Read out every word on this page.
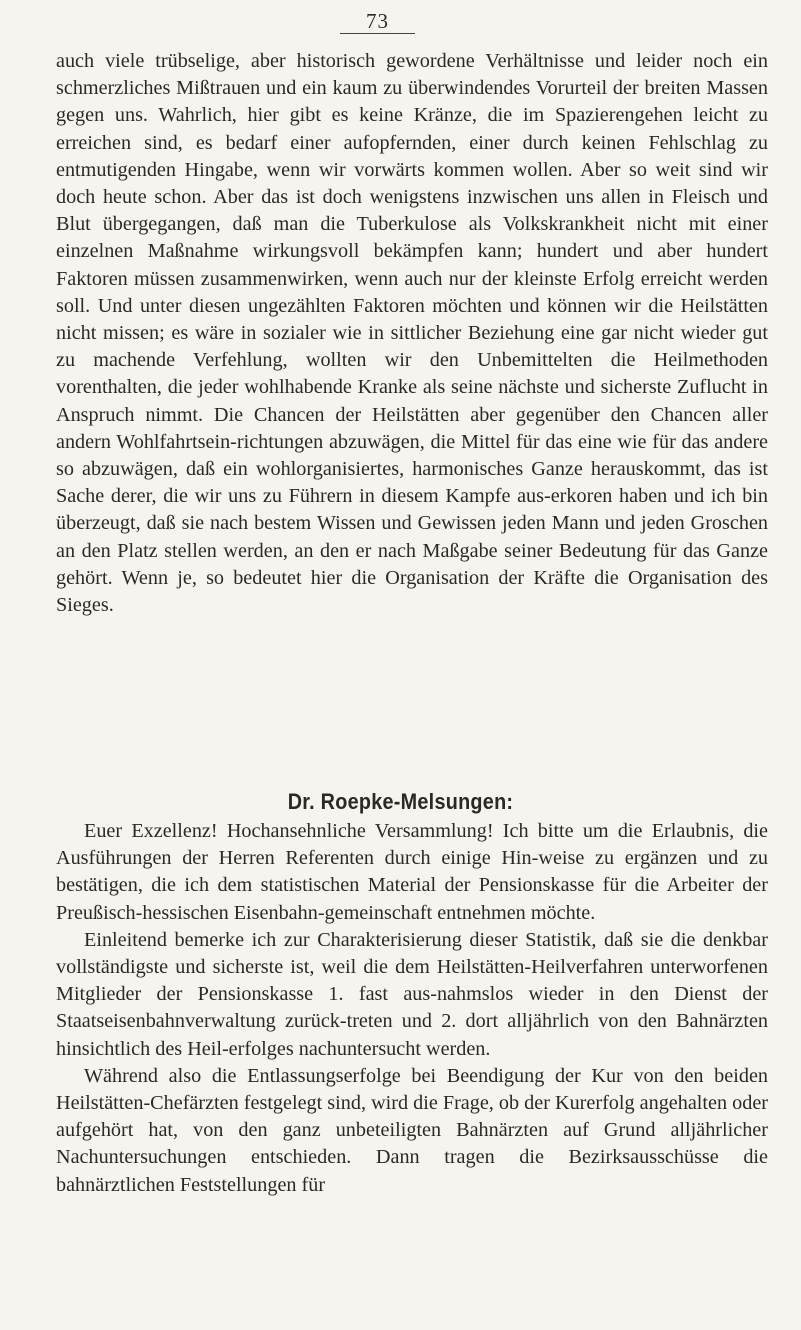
73

auch viele trübselige, aber historisch gewordene Verhältnisse und leider noch ein schmerzliches Mißtrauen und ein kaum zu überwindendes Vorurteil der breiten Massen gegen uns. Wahrlich, hier gibt es keine Kränze, die im Spazierengehen leicht zu erreichen sind, es bedarf einer aufopfernden, einer durch keinen Fehlschlag zu entmutigenden Hingabe, wenn wir vorwärts kommen wollen. Aber so weit sind wir doch heute schon. Aber das ist doch wenigstens inzwischen uns allen in Fleisch und Blut übergegangen, daß man die Tuberkulose als Volkskrankheit nicht mit einer einzelnen Maßnahme wirkungsvoll bekämpfen kann; hundert und aber hundert Faktoren müssen zusammenwirken, wenn auch nur der kleinste Erfolg erreicht werden soll. Und unter diesen ungezählten Faktoren möchten und können wir die Heilstätten nicht missen; es wäre in sozialer wie in sittlicher Beziehung eine gar nicht wieder gut zu machende Verfehlung, wollten wir den Unbemittelten die Heilmethoden vorenthalten, die jeder wohlhabende Kranke als seine nächste und sicherste Zuflucht in Anspruch nimmt. Die Chancen der Heilstätten aber gegenüber den Chancen aller andern Wohlfahrtsein-richtungen abzuwägen, die Mittel für das eine wie für das andere so abzuwägen, daß ein wohlorganisiertes, harmonisches Ganze herauskommt, das ist Sache derer, die wir uns zu Führern in diesem Kampfe aus-erkoren haben und ich bin überzeugt, daß sie nach bestem Wissen und Gewissen jeden Mann und jeden Groschen an den Platz stellen werden, an den er nach Maßgabe seiner Bedeutung für das Ganze gehört. Wenn je, so bedeutet hier die Organisation der Kräfte die Organisation des Sieges.

Dr. Roepke-Melsungen:

Euer Exzellenz! Hochansehnliche Versammlung! Ich bitte um die Erlaubnis, die Ausführungen der Herren Referenten durch einige Hin-weise zu ergänzen und zu bestätigen, die ich dem statistischen Material der Pensionskasse für die Arbeiter der Preußisch-hessischen Eisenbahn-gemeinschaft entnehmen möchte.

Einleitend bemerke ich zur Charakterisierung dieser Statistik, daß sie die denkbar vollständigste und sicherste ist, weil die dem Heilstätten-Heilverfahren unterworfenen Mitglieder der Pensionskasse 1. fast aus-nahmslos wieder in den Dienst der Staatseisenbahnverwaltung zurück-treten und 2. dort alljährlich von den Bahnärzten hinsichtlich des Heil-erfolges nachuntersucht werden.

Während also die Entlassungserfolge bei Beendigung der Kur von den beiden Heilstätten-Chefärzten festgelegt sind, wird die Frage, ob der Kurerfolg angehalten oder aufgehört hat, von den ganz unbeteiligten Bahnärzten auf Grund alljährlicher Nachuntersuchungen entschieden. Dann tragen die Bezirksausschüsse die bahnärztlichen Feststellungen für
